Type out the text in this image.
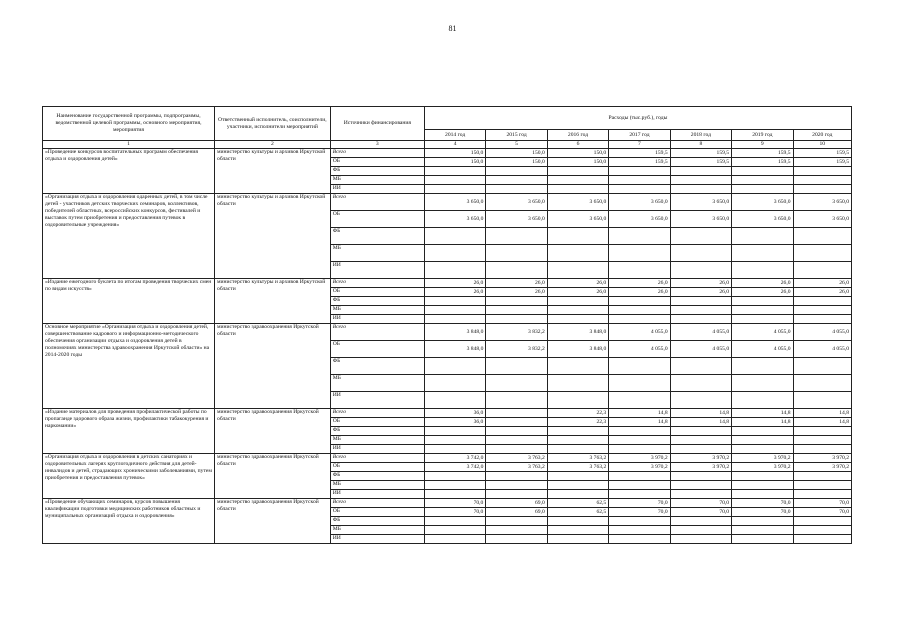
81
Наименование государственной программы, подпрограммы, ведомственной целевой программы, основного мероприятия, мероприятия	Ответственный исполнитель, соисполнители, участники, исполнители мероприятий	Источники финансирования	Расходы (тыс.руб.), годы						
			2014 год	2015 год	2016 год	2017 год	2018 год	2019 год	2020 год
1	2	3	4	5	6	7	8	9	10
«Проведение конкурсов воспитательных программ обеспечения отдыха и оздоровления детей»	министерство культуры и архивов Иркутской области	Всего	150,0	150,0	150,0	159,5	159,5	159,5	159,5
		ОБ	150,0	150,0	150,0	159,5	159,5	159,5	159,5
		ФБ							
		МБ							
		ИИ							
«Организация отдыха и оздоровления одаренных детей, в том числе детей - участников детских творческих семинаров, коллективов, победителей областных, всероссийских конкурсов, фестивалей и выставок путем приобретения и предоставления путевок в оздоровительные учреждения»	министерство культуры и архивов Иркутской области	Всего	3 650,0	3 650,0	3 650,0	3 650,0	3 650,0	3 650,0	3 650,0
		ОБ	3 650,0	3 650,0	3 650,0	3 650,0	3 650,0	3 650,0	3 650,0
		ФБ							
		МБ							
		ИИ							
«Издание ежегодного буклета по итогам проведения творческих смен по видам искусств»	министерство культуры и архивов Иркутской области	Всего	26,0	26,0	26,0	26,0	26,0	26,0	26,0
		ОБ	26,0	26,0	26,0	26,0	26,0	26,0	26,0
		ФБ							
		МБ							
		ИИ							
Основное мероприятие «Организация отдыха и оздоровления детей, совершенствование кадрового и информационно-методического обеспечения организации отдыха и оздоровления детей в полномочиях министерства здравоохранения Иркутской области» на 2014-2020 годы	министерство здравоохранения Иркутской области	Всего	3 848,0	3 832,2	3 848,0	4 055,0	4 055,0	4 055,0	4 055,0
		ОБ	3 848,0	3 832,2	3 848,0	4 055,0	4 055,0	4 055,0	4 055,0
		ФБ							
		МБ							
		ИИ							
«Издание материалов для проведения профилактической работы по пропаганде здорового образа жизни, профилактики табакокурения и наркомании»	министерство здравоохранения Иркутской области	Всего	36,0		22,3	14,8	14,8	14,8	14,8
		ОБ	36,0		22,3	14,8	14,8	14,8	14,8
		ФБ							
		МБ							
		ИИ							
«Организация отдыха и оздоровления в детских санаториях и оздоровительных лагерях круглогодичного действия для детей-инвалидов и детей, страдающих хроническими заболеваниями, путем приобретения и предоставления путевок»	министерство здравоохранения Иркутской области	Всего	3 742,0	3 763,2	3 763,2	3 970,2	3 970,2	3 970,2	3 970,2
		ОБ	3 742,0	3 763,2	3 763,2	3 970,2	3 970,2	3 970,2	3 970,2
		ФБ							
		МБ							
		ИИ							
«Проведение обучающих семинаров, курсов повышения квалификации подготовки медицинских работников областных и муниципальных организаций отдыха и оздоровления»	министерство здравоохранения Иркутской области	Всего	70,0	69,0	62,5	70,0	70,0	70,0	70,0
		ОБ	70,0	69,0	62,5	70,0	70,0	70,0	70,0
		ФБ							
		МБ							
		ИИ							
